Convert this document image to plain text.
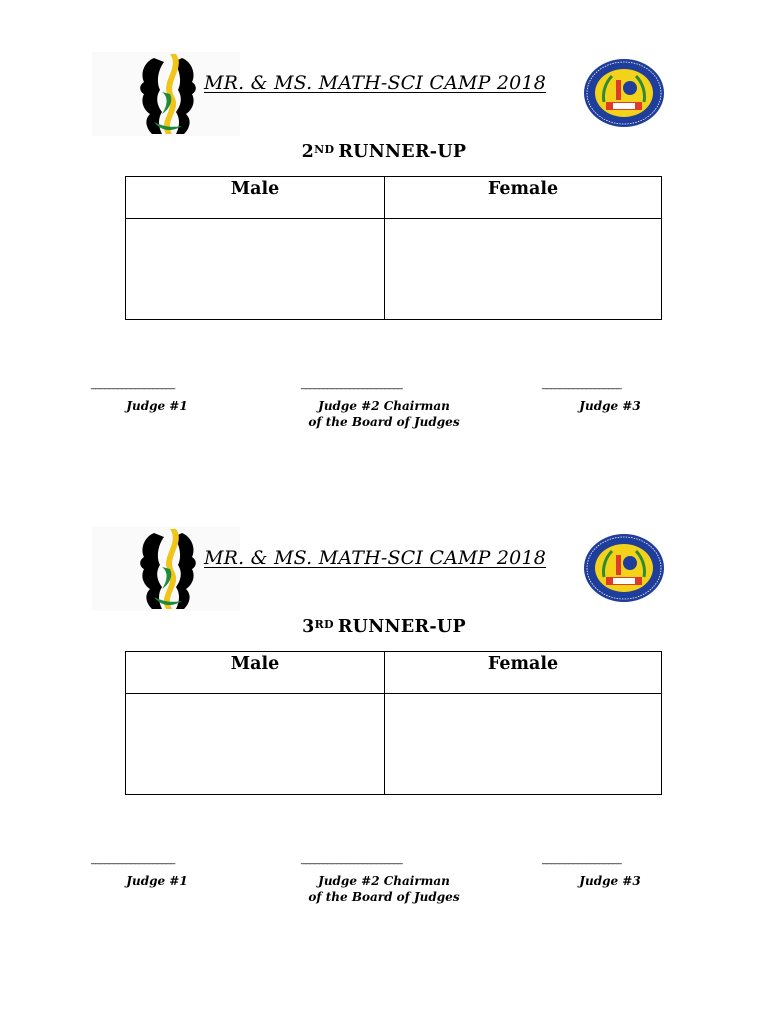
MR. & MS. MATH-SCI CAMP 2018
2ND RUNNER-UP
Male	Female

___________________	_______________________	__________________
Judge #1	Judge #2 Chairman
of the Board of Judges
Judge #3
MR. & MS. MATH-SCI CAMP 2018
3RD RUNNER-UP
Male	Female

___________________	_______________________	__________________
Judge #1	Judge #2 Chairman
of the Board of Judges
Judge #3
